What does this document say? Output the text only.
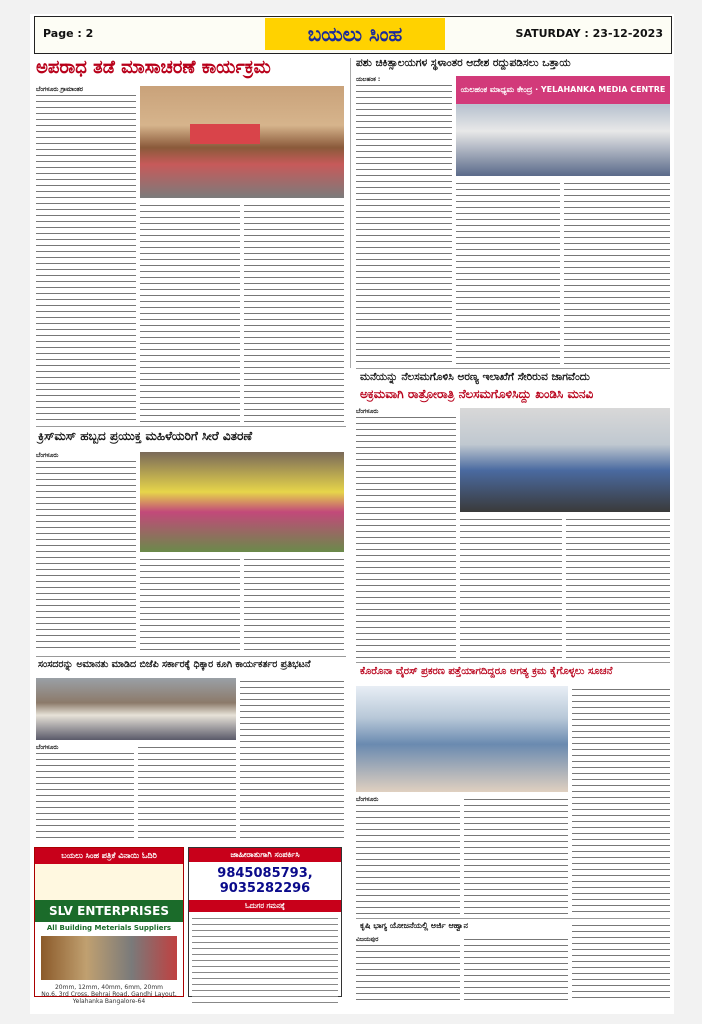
Page : 2	ಬಯಲು ಸಿಂಹ	SATURDAY : 23-12-2023
ಅಪರಾಧ ತಡೆ ಮಾಸಾಚರಣೆ ಕಾರ್ಯಕ್ರಮ
ಬೆಂಗಳೂರು ಗ್ರಾಮಾಂತರ
ಪಶು ಚಿಕಿತ್ಸಾಲಯಗಳ ಸ್ಥಳಾಂತರ ಆದೇಶ ರದ್ದುಪಡಿಸಲು ಒತ್ತಾಯ
ಯಲಹಂಕ :
ಯಲಹಂಕ ಮಾಧ್ಯಮ ಕೇಂದ್ರ · YELAHANKA MEDIA CENTRE
ಮನೆಯನ್ನು ನೆಲಸಮಗೊಳಿಸಿ ಅರಣ್ಯ ಇಲಾಖೆಗೆ ಸೇರಿರುವ ಜಾಗವೆಂದು
ಅಕ್ರಮವಾಗಿ ರಾತ್ರೋರಾತ್ರಿ ನೆಲಸಮಗೊಳಿಸಿದ್ದು ಖಂಡಿಸಿ ಮನವಿ
ಬೆಂಗಳೂರು
ಕ್ರಿಸ್‌ಮಸ್ ಹಬ್ಬದ ಪ್ರಯುಕ್ತ ಮಹಿಳೆಯರಿಗೆ ಸೀರೆ ವಿತರಣೆ
ಬೆಂಗಳೂರು
ಸಂಸದರನ್ನು ಅಮಾನತು ಮಾಡಿದ ಬಿಜೆಪಿ ಸರ್ಕಾರಕ್ಕೆ ಧಿಕ್ಕಾರ ಕೂಗಿ ಕಾರ್ಯಕರ್ತರ ಪ್ರತಿಭಟನೆ
ಬೆಂಗಳೂರು
ಕೊರೊನಾ ವೈರಸ್ ಪ್ರಕರಣ ಪತ್ತೆಯಾಗದಿದ್ದರೂ ಅಗತ್ಯ ಕ್ರಮ ಕೈಗೊಳ್ಳಲು ಸೂಚನೆ
ಬೆಂಗಳೂರು
ಕೃಷಿ ಭಾಗ್ಯ ಯೋಜನೆಯಲ್ಲಿ ಅರ್ಜಿ ಆಹ್ವಾನ
ವಿಜಯಪುರ
ಬಯಲು ಸಿಂಹ ಪತ್ರಿಕೆ ವಿನಾಯಿ ಓದಿರಿ
SLV ENTERPRISES
All Building Meterials Suppliers
20mm, 12mm, 40mm, 6mm, 20mm
No.6, 3rd Cross, Behrai Road, Gandhi Layout, Yelahanka Bangalore-64
ಜಾಹೀರಾತುಗಾಗಿ ಸಂಪರ್ಕಿಸಿ
9845085793, 9035282296
ಓದುಗರ ಗಮನಕ್ಕೆ
